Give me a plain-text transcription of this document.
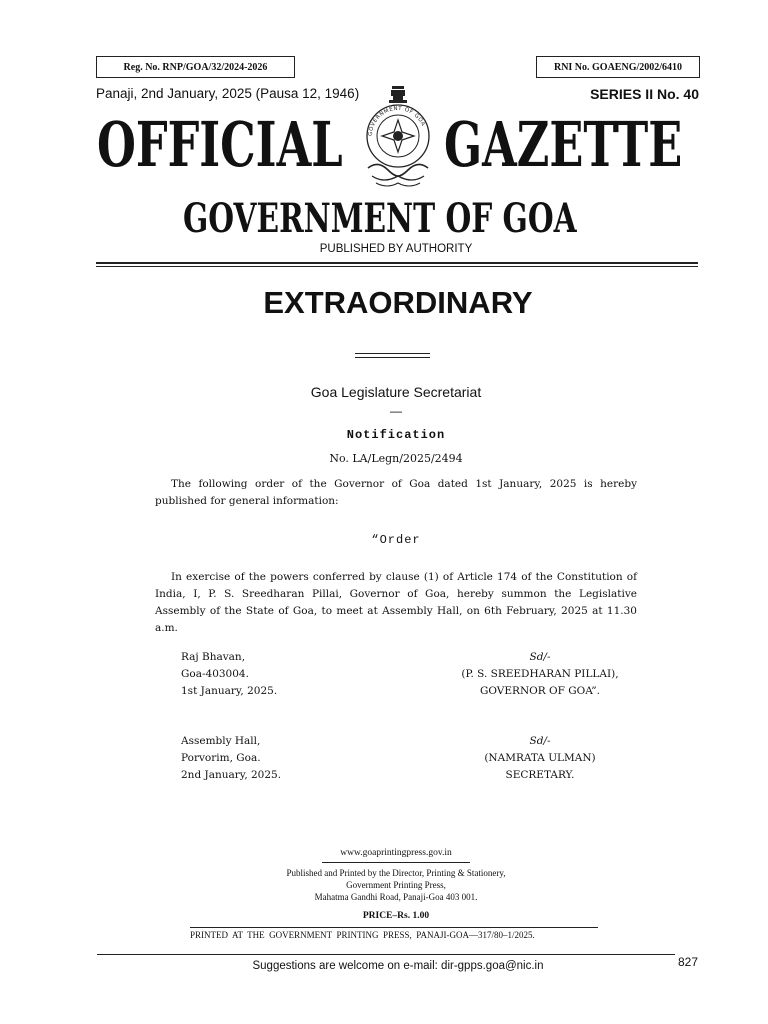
Reg. No. RNP/GOA/32/2024-2026	RNI No. GOAENG/2002/6410
Panaji, 2nd January, 2025 (Pausa 12, 1946)	SERIES II No. 40
GOVERNMENT OF GOA
OFFICIAL GAZETTE
GOVERNMENT OF GOA
PUBLISHED BY AUTHORITY
EXTRAORDINARY
Goa Legislature Secretariat
—
Notification
No. LA/Legn/2025/2494
The following order of the Governor of Goa dated 1st January, 2025 is hereby published for general information:
“Order
In exercise of the powers conferred by clause (1) of Article 174 of the Constitution of India, I, P. S. Sreedharan Pillai, Governor of Goa, hereby summon the Legislative Assembly of the State of Goa, to meet at Assembly Hall, on 6th February, 2025 at 11.30 a.m.
Raj Bhavan,
Goa-403004.
1st January, 2025.
Sd/-
(P. S. SREEDHARAN PILLAI),
GOVERNOR OF GOA”.
Assembly Hall,
Porvorim, Goa.
2nd January, 2025.
Sd/-
(NAMRATA ULMAN)
SECRETARY.
www.goaprintingpress.gov.in
Published and Printed by the Director, Printing & Stationery,
Government Printing Press,
Mahatma Gandhi Road, Panaji-Goa 403 001.
PRICE–Rs. 1.00
PRINTED  AT  THE  GOVERNMENT  PRINTING  PRESS,  PANAJI-GOA—317/80–1/2025.
827
Suggestions are welcome on e-mail: dir-gpps.goa@nic.in
